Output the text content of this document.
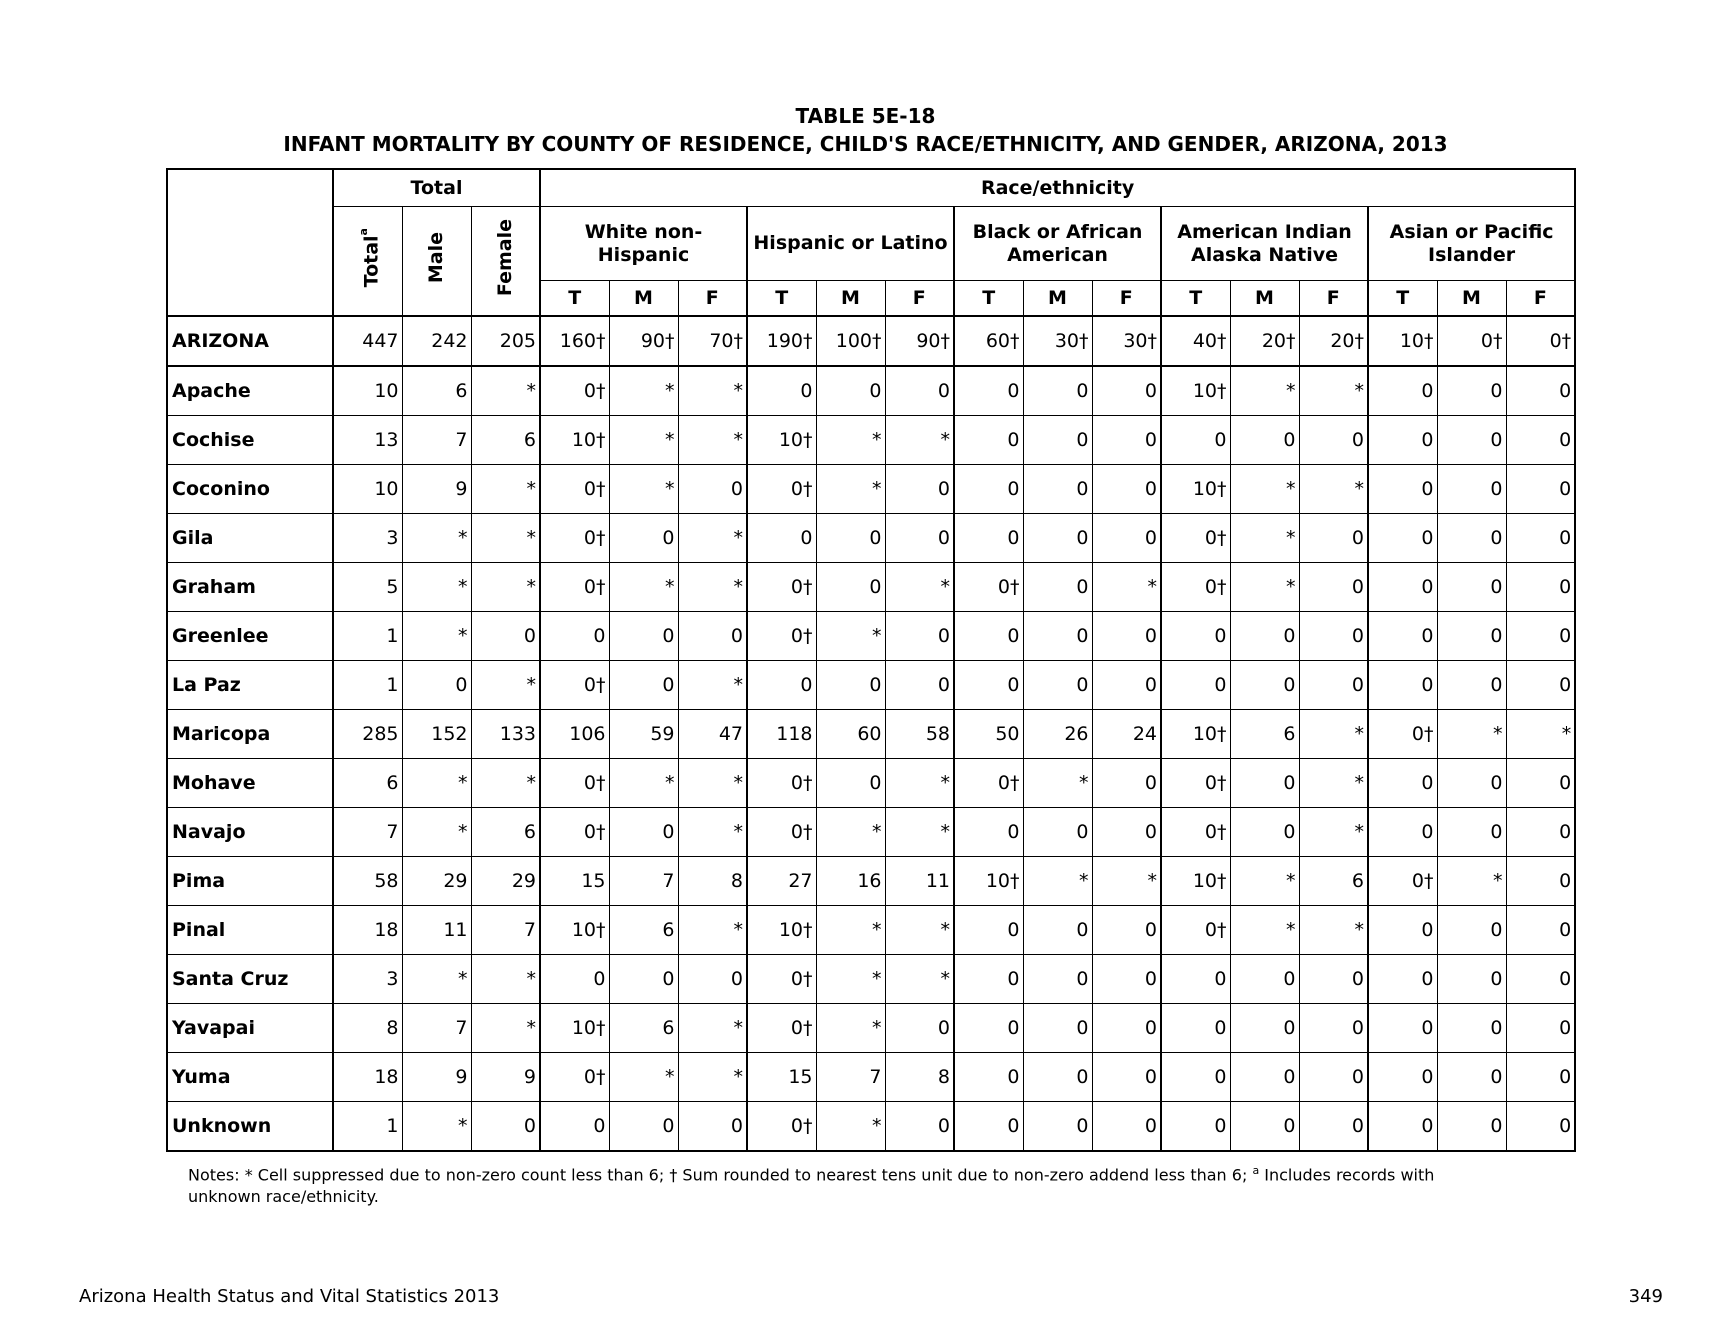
TABLE 5E-18
INFANT MORTALITY BY COUNTY OF RESIDENCE, CHILD'S RACE/ETHNICITY, AND GENDER, ARIZONA, 2013
	Total			Race/ethnicity														
	Total$^a$	Male	Female	White non-Hispanic			Hispanic or Latino			Black or African American			American Indian Alaska Native			Asian or Pacific Islander		
				T	M	F	T	M	F	T	M	F	T	M	F	T	M	F
ARIZONA	447	242	205	160†	90†	70†	190†	100†	90†	60†	30†	30†	40†	20†	20†	10†	0†	0†
Apache	10	6	*	0†	*	*	0	0	0	0	0	0	10†	*	*	0	0	0
Cochise	13	7	6	10†	*	*	10†	*	*	0	0	0	0	0	0	0	0	0
Coconino	10	9	*	0†	*	0	0†	*	0	0	0	0	10†	*	*	0	0	0
Gila	3	*	*	0†	0	*	0	0	0	0	0	0	0†	*	0	0	0	0
Graham	5	*	*	0†	*	*	0†	0	*	0†	0	*	0†	*	0	0	0	0
Greenlee	1	*	0	0	0	0	0†	*	0	0	0	0	0	0	0	0	0	0
La Paz	1	0	*	0†	0	*	0	0	0	0	0	0	0	0	0	0	0	0
Maricopa	285	152	133	106	59	47	118	60	58	50	26	24	10†	6	*	0†	*	*
Mohave	6	*	*	0†	*	*	0†	0	*	0†	*	0	0†	0	*	0	0	0
Navajo	7	*	6	0†	0	*	0†	*	*	0	0	0	0†	0	*	0	0	0
Pima	58	29	29	15	7	8	27	16	11	10†	*	*	10†	*	6	0†	*	0
Pinal	18	11	7	10†	6	*	10†	*	*	0	0	0	0†	*	*	0	0	0
Santa Cruz	3	*	*	0	0	0	0†	*	*	0	0	0	0	0	0	0	0	0
Yavapai	8	7	*	10†	6	*	0†	*	0	0	0	0	0	0	0	0	0	0
Yuma	18	9	9	0†	*	*	15	7	8	0	0	0	0	0	0	0	0	0
Unknown	1	*	0	0	0	0	0†	*	0	0	0	0	0	0	0	0	0	0
Notes: * Cell suppressed due to non-zero count less than 6; † Sum rounded to nearest tens unit due to non-zero addend less than 6; $^a$ Includes records with unknown race/ethnicity.
Arizona Health Status and Vital Statistics 2013	349
